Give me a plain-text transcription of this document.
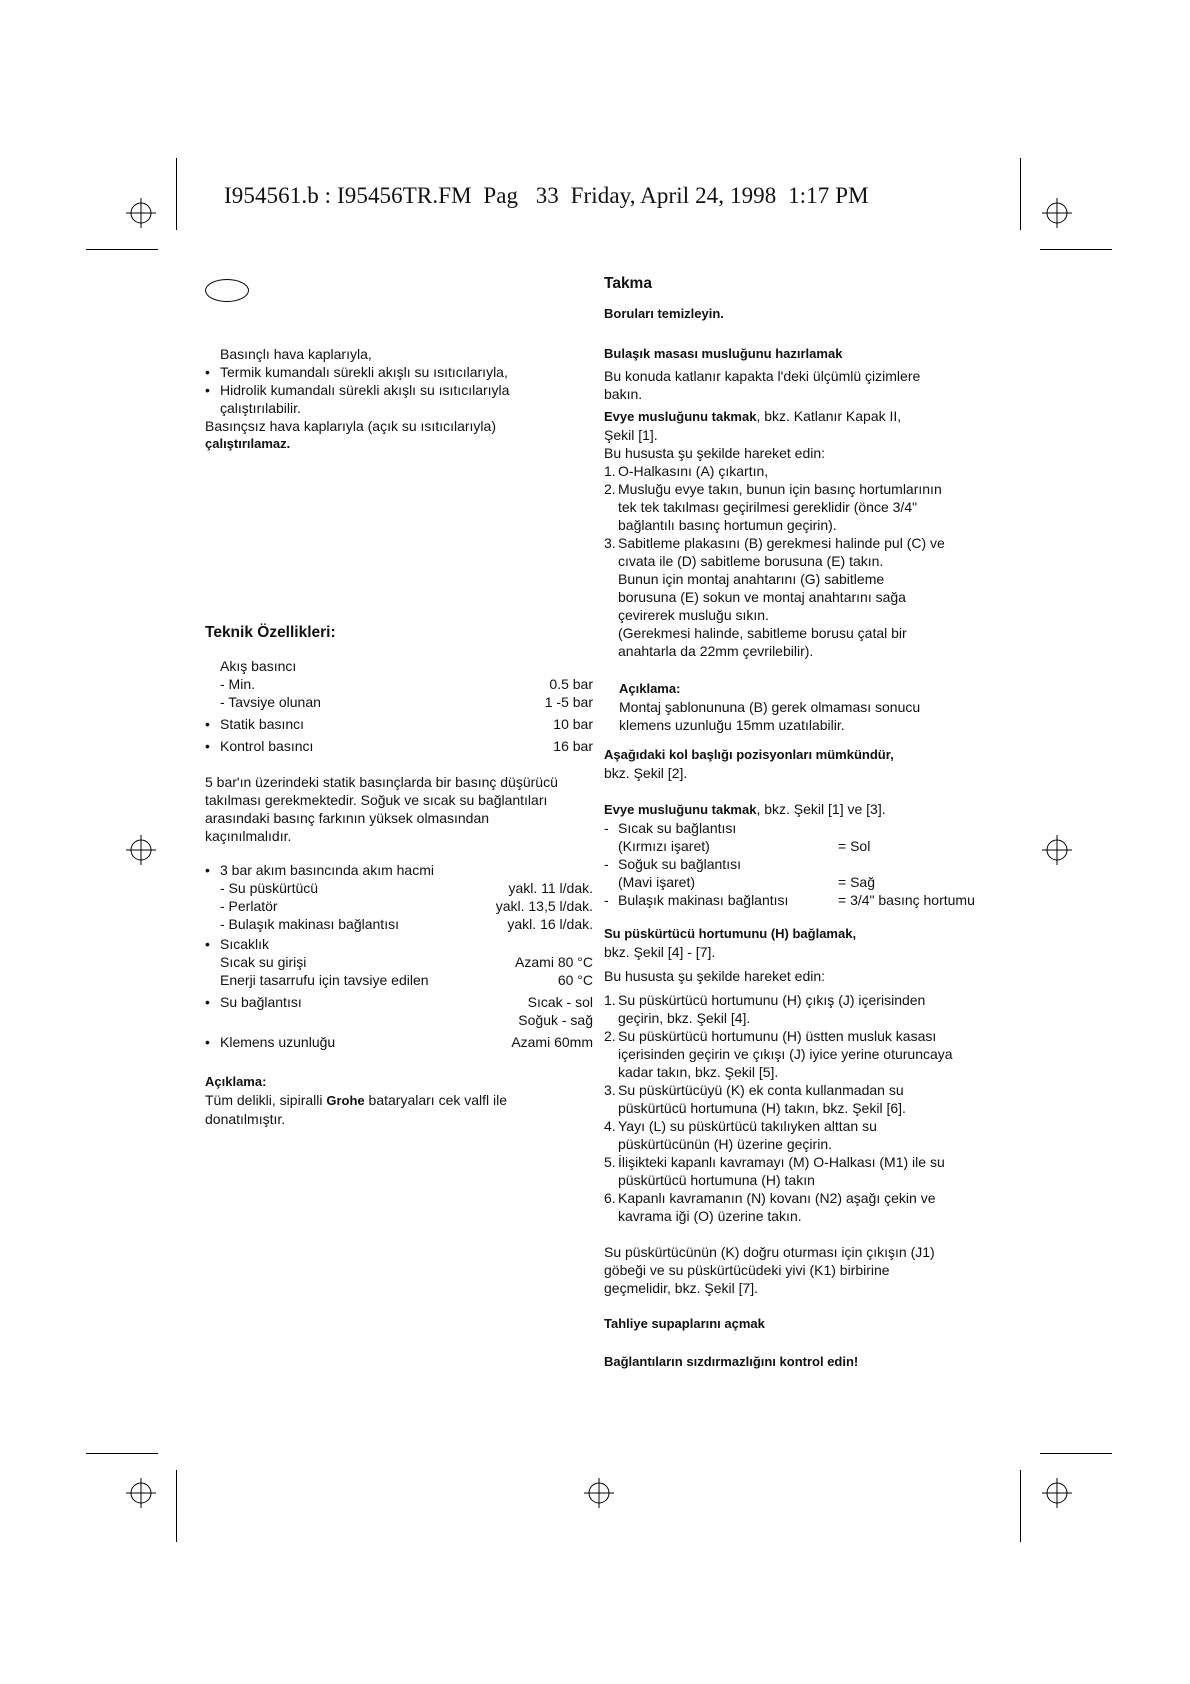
I954561.b : I95456TR.FM  Pag   33  Friday, April 24, 1998  1:17 PM

Basınçlı hava kaplarıyla,

• Termik kumandalı sürekli akışlı su ısıtıcılarıyla,

• Hidrolik kumandalı sürekli akışlı su ısıtıcılarıyla

çalıştırılabilir.

Basınçsız hava kaplarıyla (açık su ısıtıcılarıyla)

çalıştırılamaz.

Teknik Özellikleri:

Akış basıncı

- Min.	0.5 bar
- Tavsiye olunan	1 -5 bar
• Statik basıncı	10 bar
• Kontrol basıncı	16 bar

5 bar'ın üzerindeki statik basınçlarda bir basınç düşürücü

takılması gerekmektedir. Soğuk ve sıcak su bağlantıları

arasındaki basınç farkının yüksek olmasından

kaçınılmalıdır.

• 3 bar akım basıncında akım hacmi

- Su püskürtücü	yakl. 11 l/dak.
- Perlatör	yakl. 13,5 l/dak.
- Bulaşık makinası bağlantısı	yakl. 16 l/dak.

• Sıcaklık

Sıcak su girişi	Azami 80 °C
Enerji tasarrufu için tavsiye edilen	60 °C
• Su bağlantısı	Sıcak - sol
Soğuk - sağ
• Klemens uzunluğu	Azami 60mm

Açıklama:

Tüm delikli, sipiralli Grohe bataryaları cek valfl ile

donatılmıştır.

Takma

Boruları temizleyin.

Bulaşık masası musluğunu hazırlamak

Bu konuda katlanır kapakta l'deki ülçümlü çizimlere

bakın.

Evye musluğunu takmak, bkz. Katlanır Kapak II,

Şekil [1].

Bu hususta şu şekilde hareket edin:

1. O-Halkasını (A) çıkartın,

2. Musluğu evye takın, bunun için basınç hortumlarının

tek tek takılması geçirilmesi gereklidir (önce 3/4"

bağlantılı basınç hortumun geçirin).

3. Sabitleme plakasını (B) gerekmesi halinde pul (C) ve

cıvata ile (D) sabitleme borusuna (E) takın.

Bunun için montaj anahtarını (G) sabitleme

borusuna (E) sokun ve montaj anahtarını sağa

çevirerek musluğu sıkın.

(Gerekmesi halinde, sabitleme borusu çatal bir

anahtarla da 22mm çevrilebilir).

Açıklama:

Montaj şablonununa (B) gerek olmaması sonucu

klemens uzunluğu 15mm uzatılabilir.

Aşağıdaki kol başlığı pozisyonları mümkündür,

bkz. Şekil [2].

Evye musluğunu takmak, bkz. Şekil [1] ve [3].

- Sıcak su bağlantısı
(Kırmızı işaret)	= Sol
- Soğuk su bağlantısı
(Mavi işaret)	= Sağ
- Bulaşık makinası bağlantısı	= 3/4" basınç hortumu

Su püskürtücü hortumunu (H) bağlamak,

bkz. Şekil [4] - [7].

Bu hususta şu şekilde hareket edin:

1. Su püskürtücü hortumunu (H) çıkış (J) içerisinden

geçirin, bkz. Şekil [4].

2. Su püskürtücü hortumunu (H) üstten musluk kasası

içerisinden geçirin ve çıkışı (J) iyice yerine oturuncaya

kadar takın, bkz. Şekil [5].

3. Su püskürtücüyü (K) ek conta kullanmadan su

püskürtücü hortumuna (H) takın, bkz. Şekil [6].

4. Yayı (L) su püskürtücü takılıyken alttan su

püskürtücünün (H) üzerine geçirin.

5. İlişikteki kapanlı kavramayı (M) O-Halkası (M1) ile su

püskürtücü hortumuna (H) takın

6. Kapanlı kavramanın (N) kovanı (N2) aşağı çekin ve

kavrama iği (O) üzerine takın.

Su püskürtücünün (K) doğru oturması için çıkışın (J1)

göbeği ve su püskürtücüdeki yivi (K1) birbirine

geçmelidir, bkz. Şekil [7].

Tahliye supaplarını açmak

Bağlantıların sızdırmazlığını kontrol edin!
